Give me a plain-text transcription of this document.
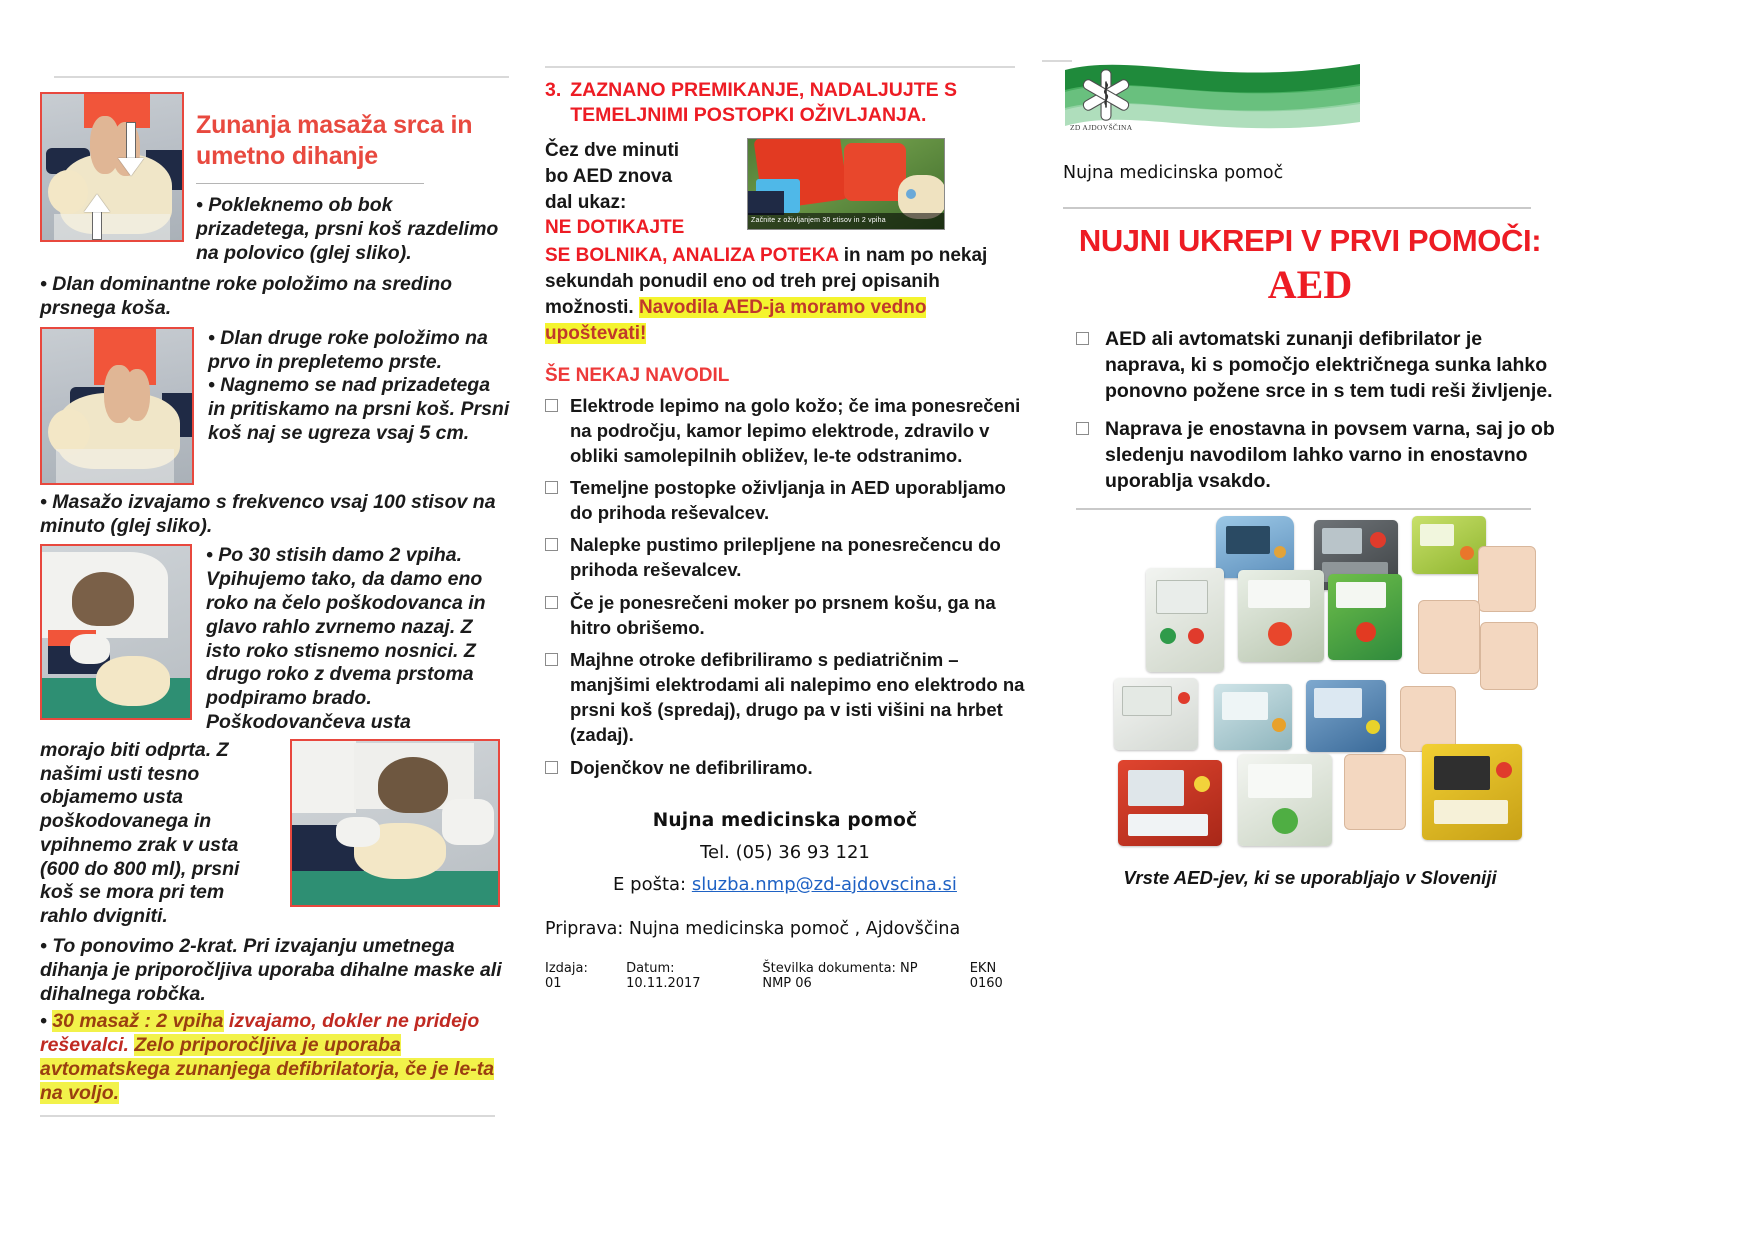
Zunanja masaža srca in umetno dihanje
• Pokleknemo ob bok prizadetega, prsni koš razdelimo na polovico (glej sliko).
• Dlan dominantne roke položimo na sredino prsnega koša.
• Dlan druge roke položimo na prvo in prepletemo prste.
• Nagnemo se nad prizadetega in pritiskamo na prsni koš. Prsni koš naj se ugreza vsaj 5 cm.
• Masažo izvajamo s frekvenco vsaj 100 stisov na minuto (glej sliko).
• Po 30 stisih damo 2 vpiha. Vpihujemo tako, da damo eno roko na čelo poškodovanca in glavo rahlo zvrnemo nazaj. Z isto roko stisnemo nosnici. Z drugo roko z dvema prstoma podpiramo brado. Poškodovančeva usta
morajo biti odprta. Z našimi usti tesno objamemo usta poškodovanega in vpihnemo zrak v usta (600 do 800 ml), prsni koš se mora pri tem rahlo dvigniti.
• To ponovimo 2-krat. Pri izvajanju umetnega dihanja je priporočljiva uporaba dihalne maske ali dihalnega robčka.
• 30 masaž : 2 vpiha izvajamo, dokler ne pridejo reševalci. Zelo priporočljiva je uporaba avtomatskega zunanjega defibrilatorja, če je le-ta na voljo.
3. ZAZNANO PREMIKANJE, NADALJUJTE S TEMELJNIMI POSTOPKI OŽIVLJANJA.
Čez dve minuti
bo AED znova
dal ukaz:
NE DOTIKAJTE	Začnite z oživljanjem 30 stisov in 2 vpiha
SE BOLNIKA, ANALIZA POTEKA in nam po nekaj sekundah ponudil eno od treh prej opisanih možnosti. Navodila AED-ja moramo vedno upoštevati!
ŠE NEKAJ NAVODIL
Elektrode lepimo na golo kožo; če ima ponesrečeni na področju, kamor lepimo elektrode, zdravilo v obliki samolepilnih obližev, le-te odstranimo.
Temeljne postopke oživljanja in AED uporabljamo do prihoda reševalcev.
Nalepke pustimo prilepljene na ponesrečencu do prihoda reševalcev.
Če je ponesrečeni moker po prsnem košu, ga na hitro obrišemo.
Majhne otroke defibriliramo s pediatričnim – manjšimi elektrodami ali nalepimo eno elektrodo na prsni koš (spredaj), drugo pa v isti višini na hrbet (zadaj).
Dojenčkov ne defibriliramo.
Nujna medicinska pomoč
Tel. (05) 36 93 121
E pošta: sluzba.nmp@zd-ajdovscina.si
Priprava: Nujna medicinska pomoč , Ajdovščina
Izdaja: 01
Datum: 10.11.2017
Številka dokumenta: NP NMP 06
EKN 0160
ZD AJDOVŠČINA
Nujna medicinska pomoč
NUJNI UKREPI V PRVI POMOČI:
AED
AED ali avtomatski zunanji defibrilator je naprava, ki s pomočjo električnega sunka lahko ponovno požene srce in s tem tudi reši življenje.
Naprava je enostavna in povsem varna, saj jo ob sledenju navodilom lahko varno in enostavno uporablja vsakdo.
Vrste AED-jev, ki se uporabljajo v Sloveniji
